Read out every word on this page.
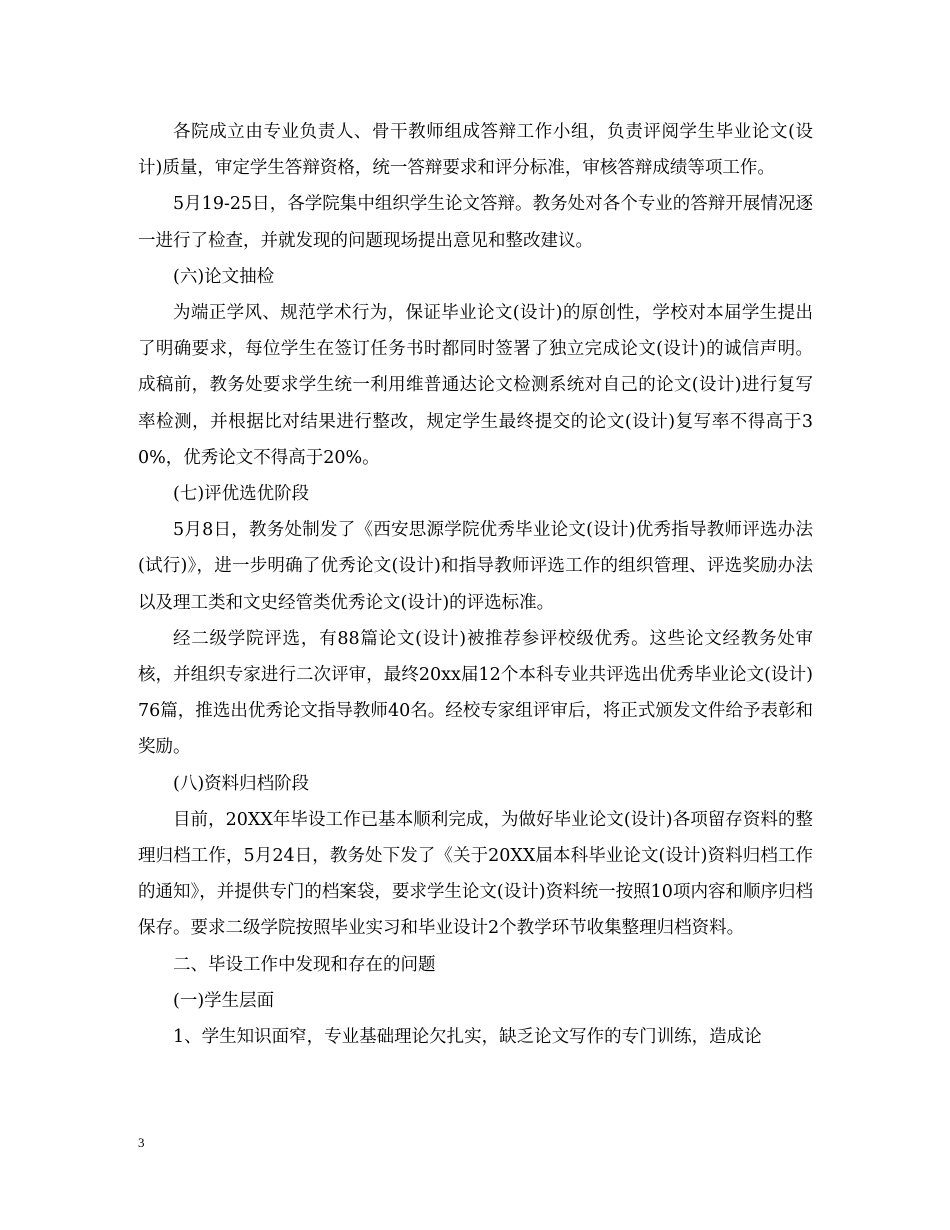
各院成立由专业负责人、骨干教师组成答辩工作小组，负责评阅学生毕业论文(设计)质量，审定学生答辩资格，统一答辩要求和评分标准，审核答辩成绩等项工作。

5月19-25日，各学院集中组织学生论文答辩。教务处对各个专业的答辩开展情况逐一进行了检查，并就发现的问题现场提出意见和整改建议。

(六)论文抽检

为端正学风、规范学术行为，保证毕业论文(设计)的原创性，学校对本届学生提出了明确要求，每位学生在签订任务书时都同时签署了独立完成论文(设计)的诚信声明。成稿前，教务处要求学生统一利用维普通达论文检测系统对自己的论文(设计)进行复写率检测，并根据比对结果进行整改，规定学生最终提交的论文(设计)复写率不得高于30%，优秀论文不得高于20%。

(七)评优选优阶段

5月8日，教务处制发了《西安思源学院优秀毕业论文(设计)优秀指导教师评选办法(试行)》，进一步明确了优秀论文(设计)和指导教师评选工作的组织管理、评选奖励办法以及理工类和文史经管类优秀论文(设计)的评选标准。

经二级学院评选，有88篇论文(设计)被推荐参评校级优秀。这些论文经教务处审核，并组织专家进行二次评审，最终20xx届12个本科专业共评选出优秀毕业论文(设计)76篇，推选出优秀论文指导教师40名。经校专家组评审后，将正式颁发文件给予表彰和奖励。

(八)资料归档阶段

目前，20XX年毕设工作已基本顺利完成，为做好毕业论文(设计)各项留存资料的整理归档工作，5月24日，教务处下发了《关于20XX届本科毕业论文(设计)资料归档工作的通知》，并提供专门的档案袋，要求学生论文(设计)资料统一按照10项内容和顺序归档保存。要求二级学院按照毕业实习和毕业设计2个教学环节收集整理归档资料。

二、毕设工作中发现和存在的问题

(一)学生层面

1、学生知识面窄，专业基础理论欠扎实，缺乏论文写作的专门训练，造成论

3
